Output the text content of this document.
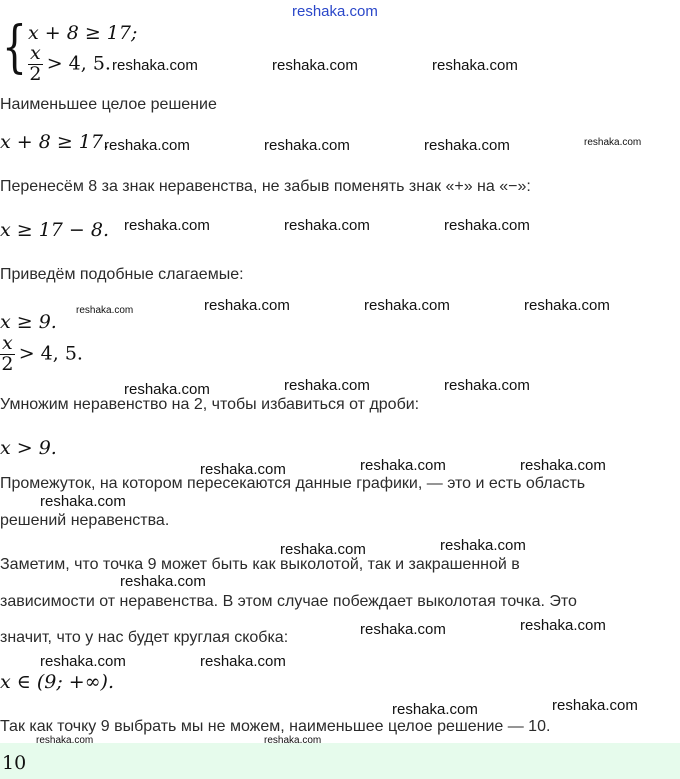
reshaka.com
{ x + 8 ≥ 17;
$\frac{x}{2} > 4$, 5.
Наименьшее целое решение
x + 8 ≥ 17.
Перенесём 8 за знак неравенства, не забыв поменять знак «+» на «−»:
x ≥ 17 − 8.
Приведём подобные слагаемые:
x ≥ 9.
$\frac{x}{2} > 4$, 5.
Умножим неравенство на 2, чтобы избавиться от дроби:
x > 9.
Промежуток, на котором пересекаются данные графики, — это и есть область
решений неравенства.
Заметим, что точка 9 может быть как выколотой, так и закрашенной в
зависимости от неравенства. В этом случае побеждает выколотая точка. Это
значит, что у нас будет круглая скобка:
x ∈ (9; +∞).
Так как точку 9 выбрать мы не можем, наименьшее целое решение — 10.
10
reshaka.com	reshaka.com	reshaka.com
reshaka.com	reshaka.com	reshaka.com	reshaka.com
reshaka.com	reshaka.com	reshaka.com
reshaka.com	reshaka.com	reshaka.com	reshaka.com
reshaka.com	reshaka.com	reshaka.com
reshaka.com	reshaka.com	reshaka.com
reshaka.com
reshaka.com	reshaka.com
reshaka.com
reshaka.com	reshaka.com
reshaka.com	reshaka.com
reshaka.com	reshaka.com
reshaka.com	reshaka.com
